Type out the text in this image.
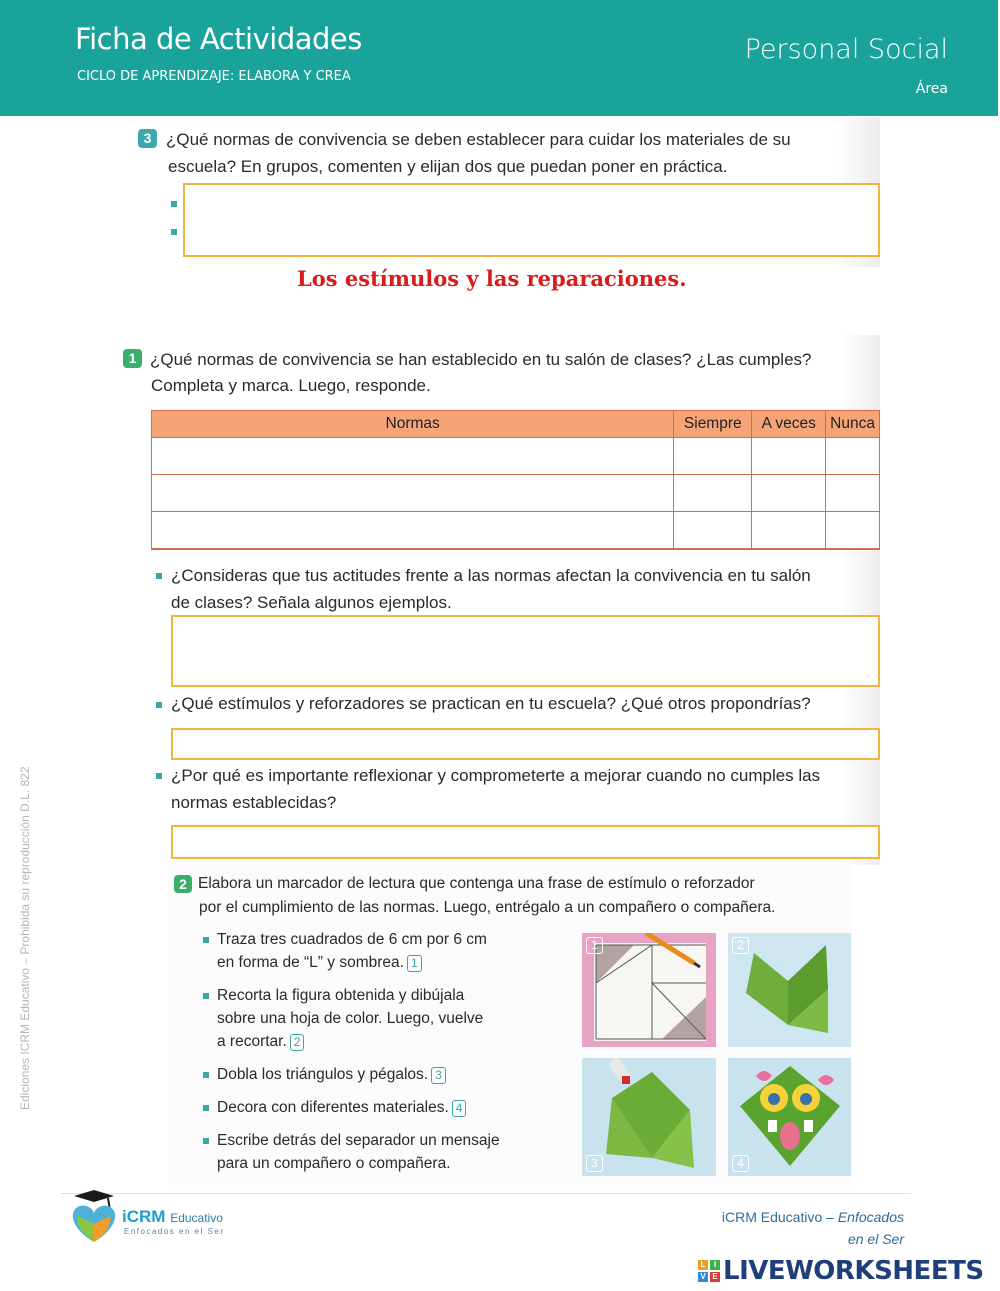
Ficha de Actividades
CICLO DE APRENDIZAJE: ELABORA Y CREA
Personal Social
Área
Ediciones ICRM Educativo – Prohibida su reproducción D.L. 822
3 ¿Qué normas de convivencia se deben establecer para cuidar los materiales de su
escuela? En grupos, comenten y elijan dos que puedan poner en práctica.
Los estímulos y las reparaciones.
1 ¿Qué normas de convivencia se han establecido en tu salón de clases? ¿Las cumples?
Completa y marca. Luego, responde.
Normas	Siempre	A veces	Nunca

¿Consideras que tus actitudes frente a las normas afectan la convivencia en tu salón
de clases? Señala algunos ejemplos.
¿Qué estímulos y reforzadores se practican en tu escuela? ¿Qué otros propondrías?
¿Por qué es importante reflexionar y comprometerte a mejorar cuando no cumples las
normas establecidas?
2 Elabora un marcador de lectura que contenga una frase de estímulo o reforzador
por el cumplimiento de las normas. Luego, entrégalo a un compañero o compañera.
Traza tres cuadrados de 6 cm por 6 cm
en forma de “L” y sombrea. 1
Recorta la figura obtenida y dibújala
sobre una hoja de color. Luego, vuelve
a recortar. 2
Dobla los triángulos y pégalos. 3
Decora con diferentes materiales. 4
Escribe detrás del separador un mensaje
para un compañero o compañera.
1	2
3	4
iCRM Educativo
Enfocados en el Ser
iCRM Educativo – Enfocados
en el Ser
L	I
V E LIVEWORKSHEETS
